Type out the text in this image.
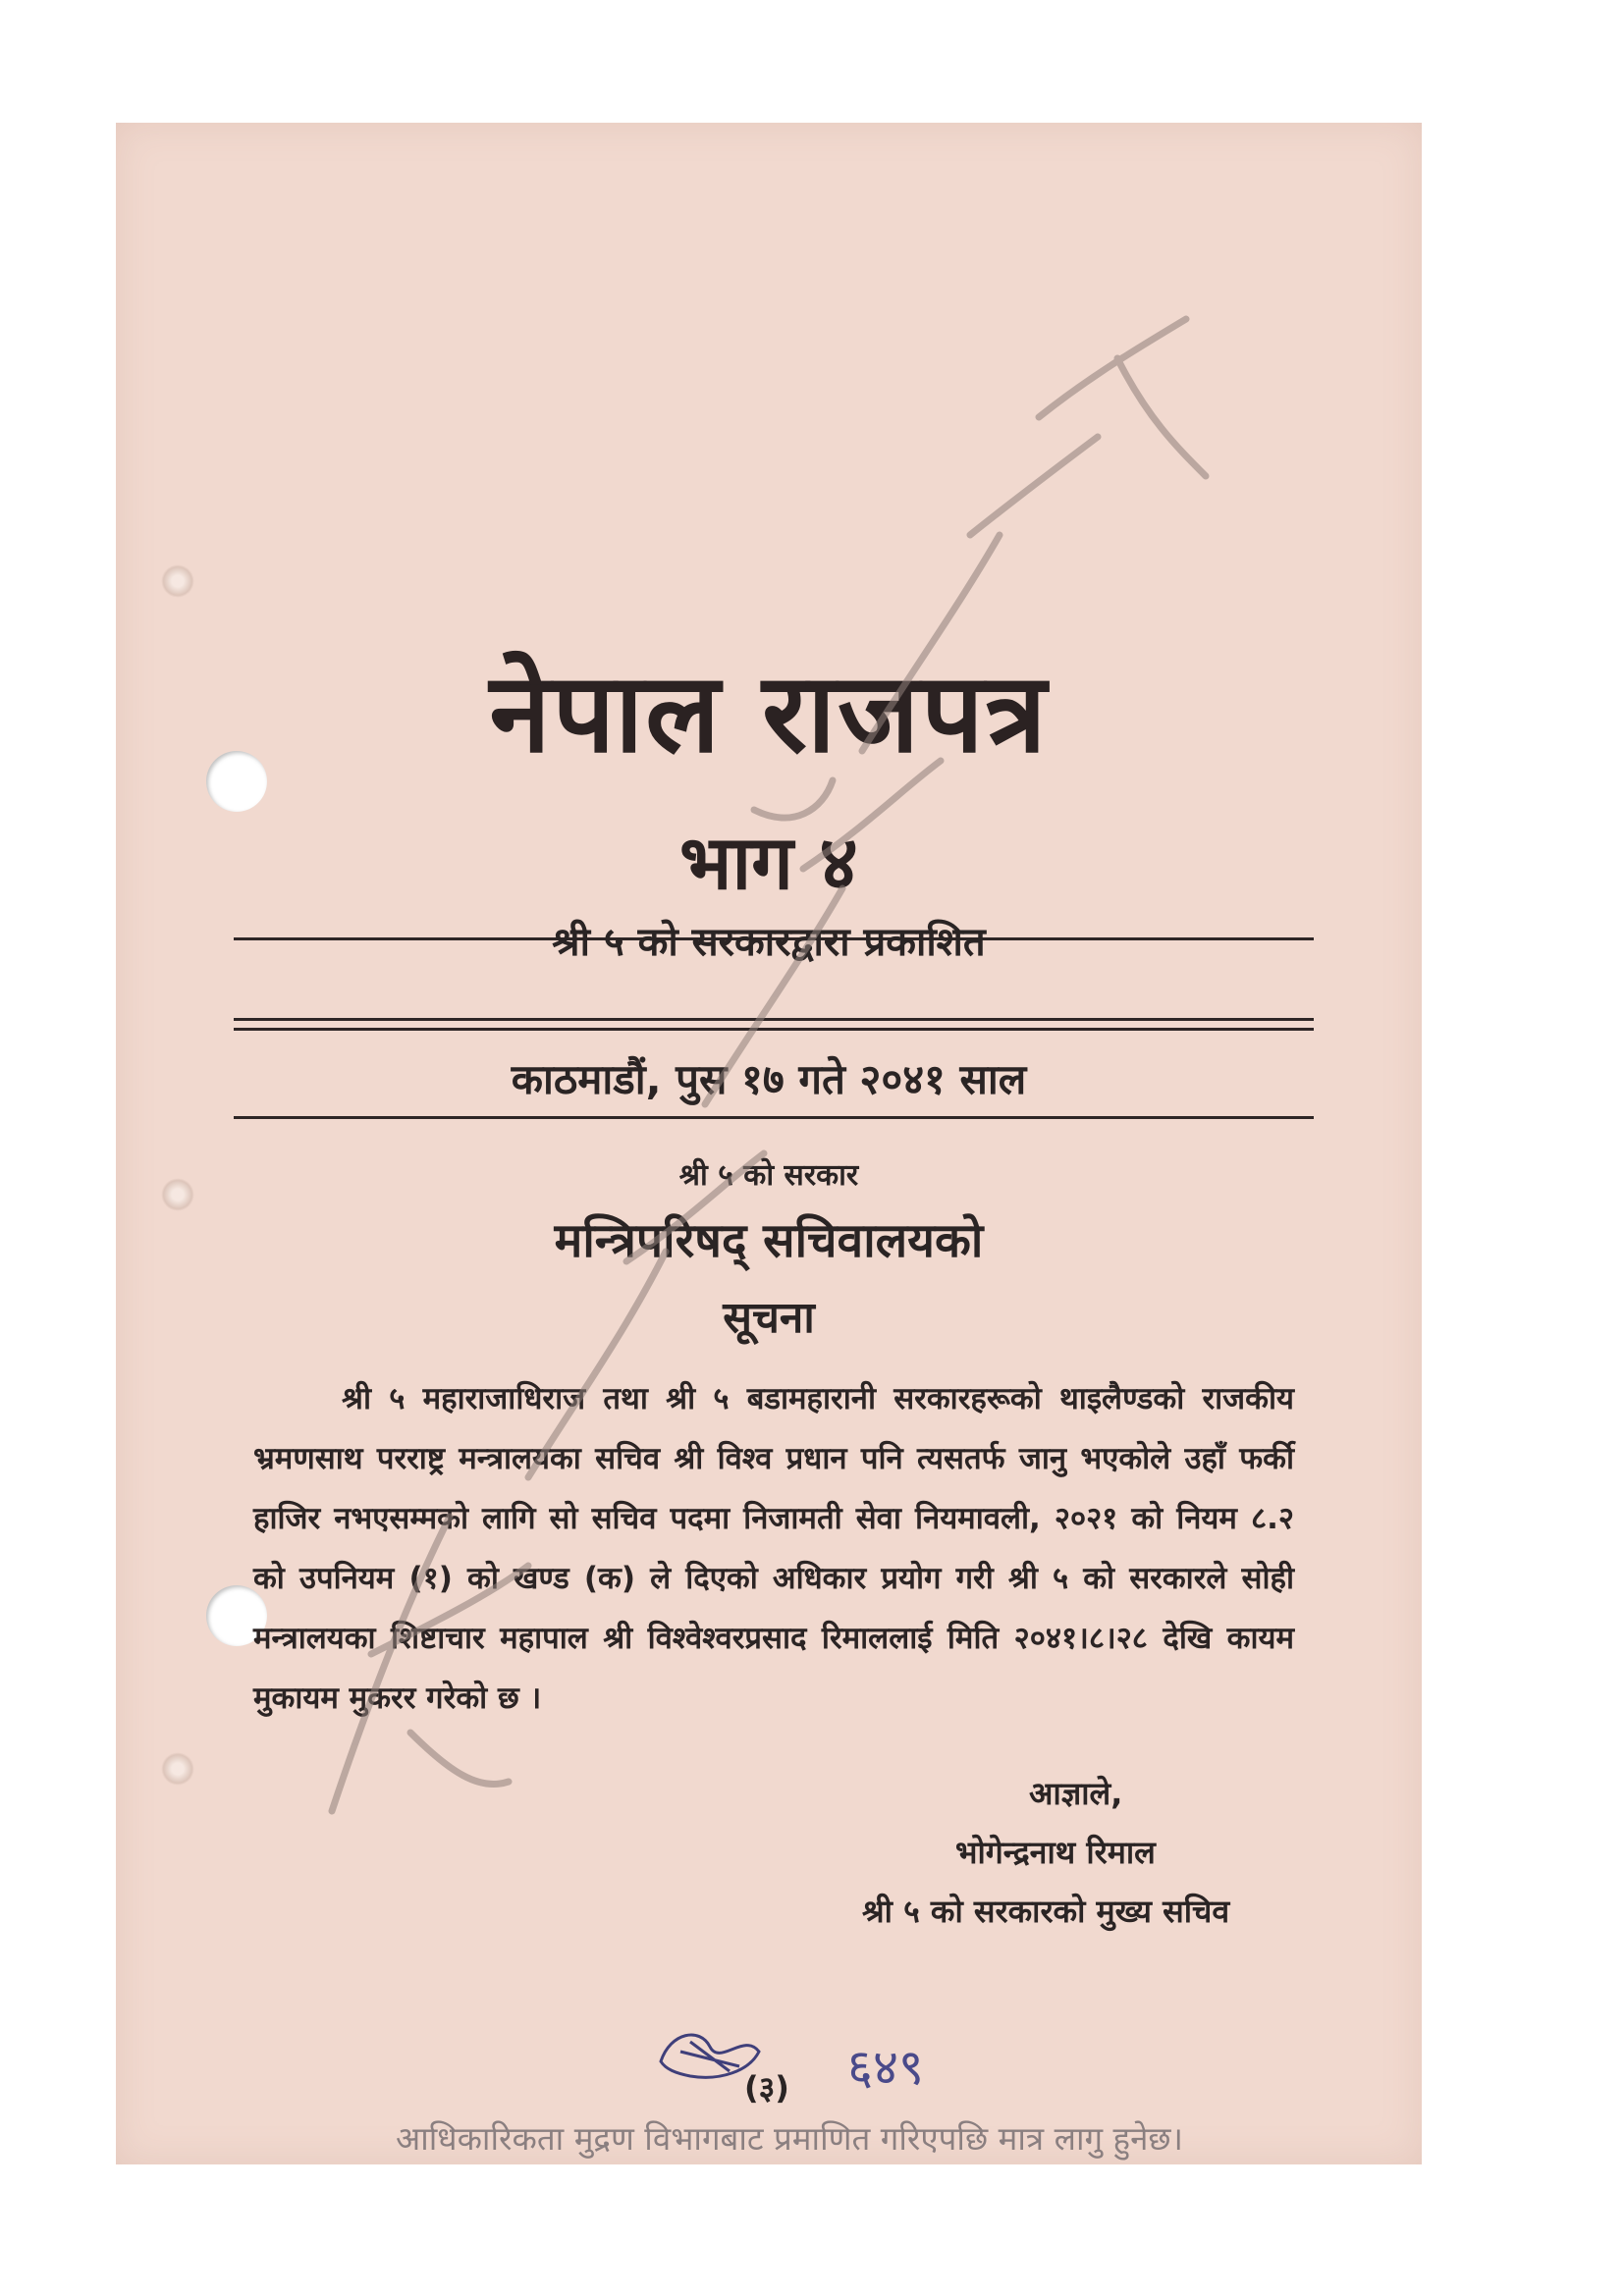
नेपाल राजपत्र
भाग ४
श्री ५ को सरकारद्वारा प्रकाशित
काठमाडौं, पुस १७ गते २०४१ साल
श्री ५ को सरकार
मन्त्रिपरिषद् सचिवालयको
सूचना
श्री ५ महाराजाधिराज तथा श्री ५ बडामहारानी सरकारहरूको थाइलैण्डको राजकीय भ्रमणसाथ परराष्ट्र मन्त्रालयका सचिव श्री विश्व प्रधान पनि त्यसतर्फ जानु भएकोले उहाँ फर्की हाजिर नभएसम्मको लागि सो सचिव पदमा निजामती सेवा नियमावली, २०२१ को नियम ८.२ को उपनियम (१) को खण्ड (क) ले दिएको अधिकार प्रयोग गरी श्री ५ को सरकारले सोही मन्त्रालयका शिष्टाचार महापाल श्री विश्वेश्वरप्रसाद रिमाललाई मिति २०४१।८।२८ देखि कायम मुकायम मुकरर गरेको छ ।
आज्ञाले,
भोगेन्द्रनाथ रिमाल
श्री ५ को सरकारको मुख्य सचिव
(३) ६४९
आधिकारिकता मुद्रण विभागबाट प्रमाणित गरिएपछि मात्र लागु हुनेछ।
